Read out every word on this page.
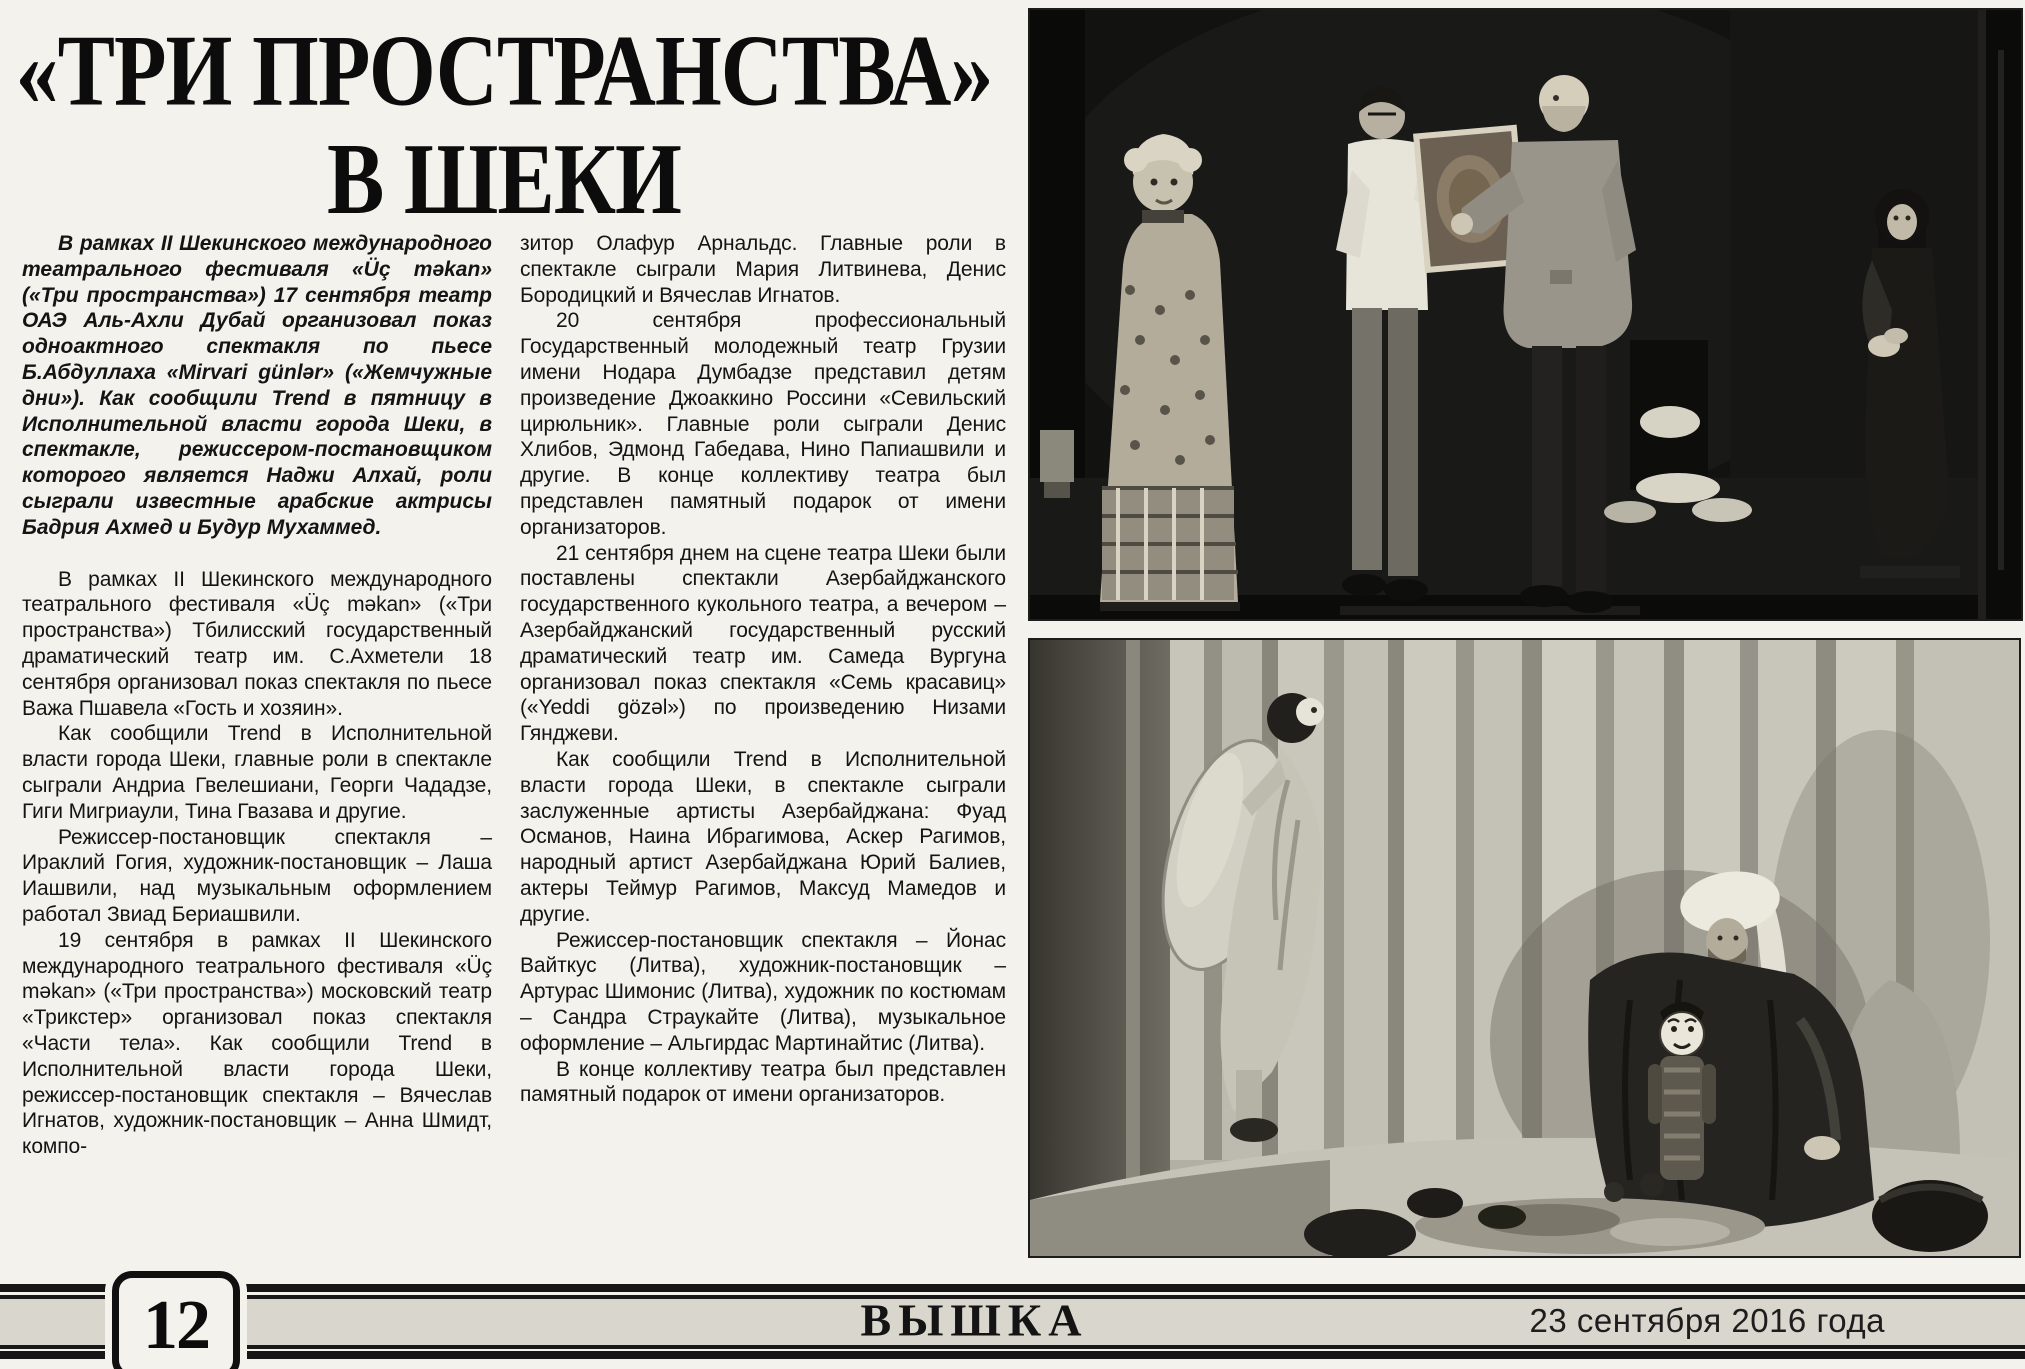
«ТРИ ПРОСТРАНСТВА»
В ШЕКИ

В рамках II Шекинского международного театрального фестиваля «Üç məkan» («Три пространства») 17 сентября театр ОАЭ Аль-Ахли Дубай организовал показ одноактного спектакля по пьесе Б.Абдуллаха «Mirvari günlər» («Жемчужные дни»). Как сообщили Trend в пятницу в Исполнительной власти города Шеки, в спектакле, режиссером-постановщиком которого является Наджи Алхай, роли сыграли известные арабские актрисы Бадрия Ахмед и Будур Мухаммед.

В рамках II Шекинского международного театрального фестиваля «Üç məkan» («Три пространства») Тбилисский государственный драматический театр им. С.Ахметели 18 сентября организовал показ спектакля по пьесе Важа Пшавела «Гость и хозяин».

Как сообщили Trend в Исполнительной власти города Шеки, главные роли в спектакле сыграли Андриа Гвелешиани, Георги Чададзе, Гиги Мигриаули, Тина Гвазава и другие.

Режиссер-постановщик спектакля – Ираклий Гогия, художник-постановщик – Лаша Иашвили, над музыкальным оформлением работал Звиад Бериашвили.

19 сентября в рамках II Шекинского международного театрального фестиваля «Üç məkan» («Три пространства») московский театр «Трикстер» организовал показ спектакля «Части тела». Как сообщили Trend в Исполнительной власти города Шеки, режиссер-постановщик спектакля – Вячеслав Игнатов, художник-постановщик – Анна Шмидт, компо-

зитор Олафур Арнальдс. Главные роли в спектакле сыграли Мария Литвинева, Денис Бородицкий и Вячеслав Игнатов.

20 сентября профессиональный Государственный молодежный театр Грузии имени Нодара Думбадзе представил детям произведение Джоаккино Россини «Севильский цирюльник». Главные роли сыграли Денис Хлибов, Эдмонд Габедава, Нино Папиашвили и другие. В конце коллективу театра был представлен памятный подарок от имени организаторов.

21 сентября днем на сцене театра Шеки были поставлены спектакли Азербайджанского государственного кукольного театра, а вечером – Азербайджанский государственный русский драматический театр им. Самеда Вургуна организовал показ спектакля «Семь красавиц» («Yeddi gözəl») по произведению Низами Гянджеви.

Как сообщили Trend в Исполнительной власти города Шеки, в спектакле сыграли заслуженные артисты Азербайджана: Фуад Османов, Наина Ибрагимова, Аскер Рагимов, народный артист Азербайджана Юрий Балиев, актеры Теймур Рагимов, Максуд Мамедов и другие.

Режиссер-постановщик спектакля – Йонас Вайткус (Литва), художник-постановщик – Артурас Шимонис (Литва), художник по костюмам – Сандра Страукайте (Литва), музыкальное оформление – Альгирдас Мартинайтис (Литва).

В конце коллективу театра был представлен памятный подарок от имени организаторов.

ВЫШКА	23 сентября 2016 года
12
